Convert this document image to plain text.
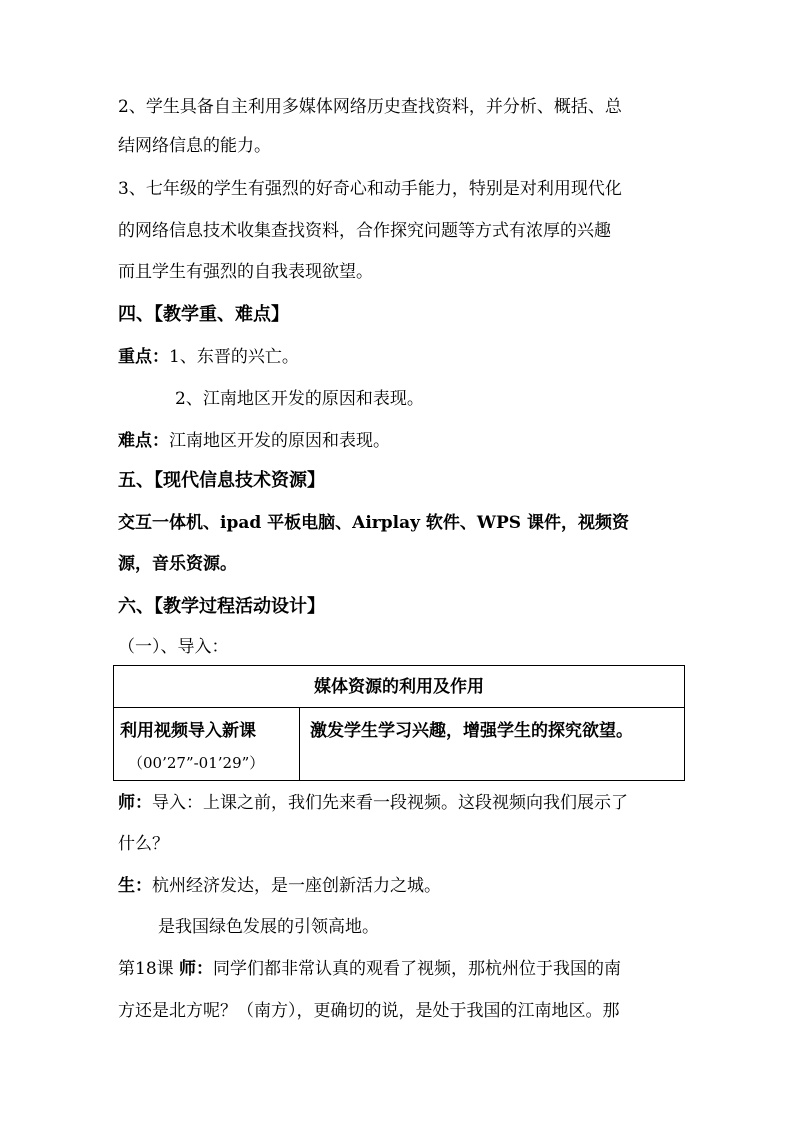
2、学生具备自主利用多媒体网络历史查找资料，并分析、概括、总
结网络信息的能力。
3、七年级的学生有强烈的好奇心和动手能力，特别是对利用现代化
的网络信息技术收集查找资料，合作探究问题等方式有浓厚的兴趣
而且学生有强烈的自我表现欲望。
四、【教学重、难点】
重点：1、东晋的兴亡。
2、江南地区开发的原因和表现。
难点：江南地区开发的原因和表现。
五、【现代信息技术资源】
交互一体机、ipad 平板电脑、Airplay 软件、WPS 课件，视频资
源，音乐资源。
六、【教学过程活动设计】
（一）、导入：
媒体资源的利用及作用
利用视频导入新课
（00’27”-01’29”）
激发学生学习兴趣，增强学生的探究欲望。
师：导入：上课之前，我们先来看一段视频。这段视频向我们展示了
什么？
生：杭州经济发达，是一座创新活力之城。
是我国绿色发展的引领高地。
第18课 师：同学们都非常认真的观看了视频，那杭州位于我国的南
方还是北方呢？（南方），更确切的说，是处于我国的江南地区。那
